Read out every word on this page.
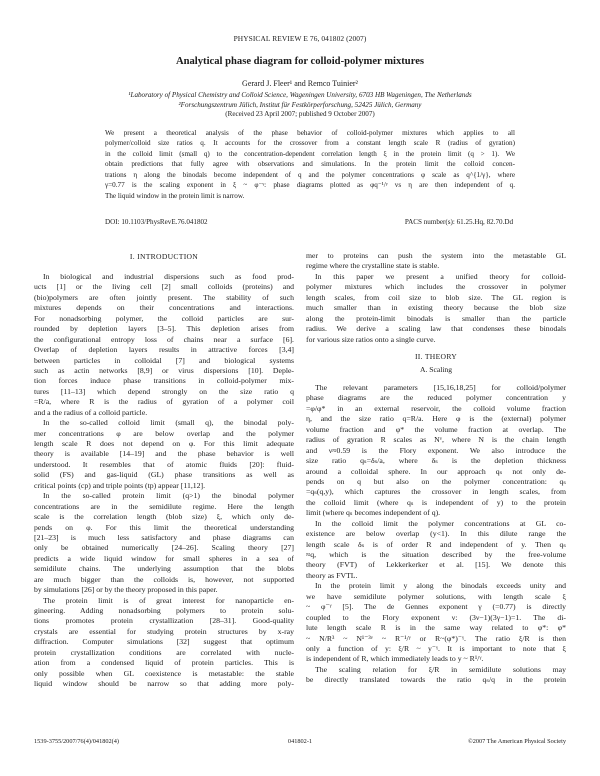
PHYSICAL REVIEW E 76, 041802 (2007)
Analytical phase diagram for colloid-polymer mixtures
Gerard J. Fleer¹ and Remco Tuinier²
¹Laboratory of Physical Chemistry and Colloid Science, Wageningen University, 6703 HB Wageningen, The Netherlands
²Forschungszentrum Jülich, Institut für Festkörperforschung, 52425 Jülich, Germany
(Received 23 April 2007; published 9 October 2007)
We present a theoretical analysis of the phase behavior of colloid-polymer mixtures which applies to all
polymer/colloid size ratios q. It accounts for the crossover from a constant length scale R (radius of gyration)
in the colloid limit (small q) to the concentration-dependent correlation length ξ in the protein limit (q > 1). We
obtain predictions that fully agree with observations and simulations. In the protein limit the colloid concen-
trations η along the binodals become independent of q and the polymer concentrations φ scale as q^{1/γ}, where
γ=0.77 is the scaling exponent in ξ ~ φ⁻ᵞ: phase diagrams plotted as φq⁻¹/ᵞ vs η are then independent of q.
The liquid window in the protein limit is narrow.
DOI: 10.1103/PhysRevE.76.041802	PACS number(s): 61.25.Hq, 82.70.Dd
I. INTRODUCTION
In biological and industrial dispersions such as food prod-
ucts [1] or the living cell [2] small colloids (proteins) and
(bio)polymers are often jointly present. The stability of such
mixtures depends on their concentrations and interactions.
For nonadsorbing polymer, the colloid particles are sur-
rounded by depletion layers [3–5]. This depletion arises from
the configurational entropy loss of chains near a surface [6].
Overlap of depletion layers results in attractive forces [3,4]
between particles in colloidal [7] and biological systems
such as actin networks [8,9] or virus dispersions [10]. Deple-
tion forces induce phase transitions in colloid-polymer mix-
tures [11–13] which depend strongly on the size ratio q
=R/a, where R is the radius of gyration of a polymer coil
and a the radius of a colloid particle.
In the so-called colloid limit (small q), the binodal poly-
mer concentrations φ are below overlap and the polymer
length scale R does not depend on φ. For this limit adequate
theory is available [14–19] and the phase behavior is well
understood. It resembles that of atomic fluids [20]: fluid-
solid (FS) and gas-liquid (GL) phase transitions as well as
critical points (cp) and triple points (tp) appear [11,12].
In the so-called protein limit (q>1) the binodal polymer
concentrations are in the semidilute regime. Here the length
scale is the correlation length (blob size) ξ, which only de-
pends on φ. For this limit the theoretical understanding
[21–23] is much less satisfactory and phase diagrams can
only be obtained numerically [24–26]. Scaling theory [27]
predicts a wide liquid window for small spheres in a sea of
semidilute chains. The underlying assumption that the blobs
are much bigger than the colloids is, however, not supported
by simulations [26] or by the theory proposed in this paper.
The protein limit is of great interest for nanoparticle en-
gineering. Adding nonadsorbing polymers to protein solu-
tions promotes protein crystallization [28–31]. Good-quality
crystals are essential for studying protein structures by x-ray
diffraction. Computer simulations [32] suggest that optimum
protein crystallization conditions are correlated with nucle-
ation from a condensed liquid of protein particles. This is
only possible when GL coexistence is metastable: the stable
liquid window should be narrow so that adding more poly-
mer to proteins can push the system into the metastable GL
regime where the crystalline state is stable.
In this paper we present a unified theory for colloid-
polymer mixtures which includes the crossover in polymer
length scales, from coil size to blob size. The GL region is
much smaller than in existing theory because the blob size
along the protein-limit binodals is smaller than the particle
radius. We derive a scaling law that condenses these binodals
for various size ratios onto a single curve.
II. THEORY
A. Scaling
The relevant parameters [15,16,18,25] for colloid/polymer
phase diagrams are the reduced polymer concentration y
=φ/φ* in an external reservoir, the colloid volume fraction
η, and the size ratio q=R/a. Here φ is the (external) polymer
volume fraction and φ* the volume fraction at overlap. The
radius of gyration R scales as Nᵛ, where N is the chain length
and ν≈0.59 is the Flory exponent. We also introduce the
size ratio qₛ=δₛ/a, where δₛ is the depletion thickness
around a colloidal sphere. In our approach qₛ not only de-
pends on q but also on the polymer concentration: qₛ
=qₛ(q,y), which captures the crossover in length scales, from
the colloid limit (where qₛ is independent of y) to the protein
limit (where qₛ becomes independent of q).
In the colloid limit the polymer concentrations at GL co-
existence are below overlap (y<1). In this dilute range the
length scale δₛ is of order R and independent of y. Then qₛ
≈q, which is the situation described by the free-volume
theory (FVT) of Lekkerkerker et al. [15]. We denote this
theory as FVTL.
In the protein limit y along the binodals exceeds unity and
we have semidilute polymer solutions, with length scale ξ
~ φ⁻ᵞ [5]. The de Gennes exponent γ (=0.77) is directly
coupled to the Flory exponent ν: (3ν−1)(3γ−1)=1. The di-
lute length scale R is in the same way related to φ*: φ*
~ N/R³ ~ N¹⁻³ᵛ ~ R⁻¹/ᵞ or R~(φ*)⁻ᵞ. The ratio ξ/R is then
only a function of y: ξ/R ~ y⁻ᵞ. It is important to note that ξ
is independent of R, which immediately leads to y ~ R¹/ᵞ.
The scaling relation for ξ/R in semidilute solutions may
be directly translated towards the ratio qₛ/q in the protein
1539-3755/2007/76(4)/041802(4)	041802-1	©2007 The American Physical Society
